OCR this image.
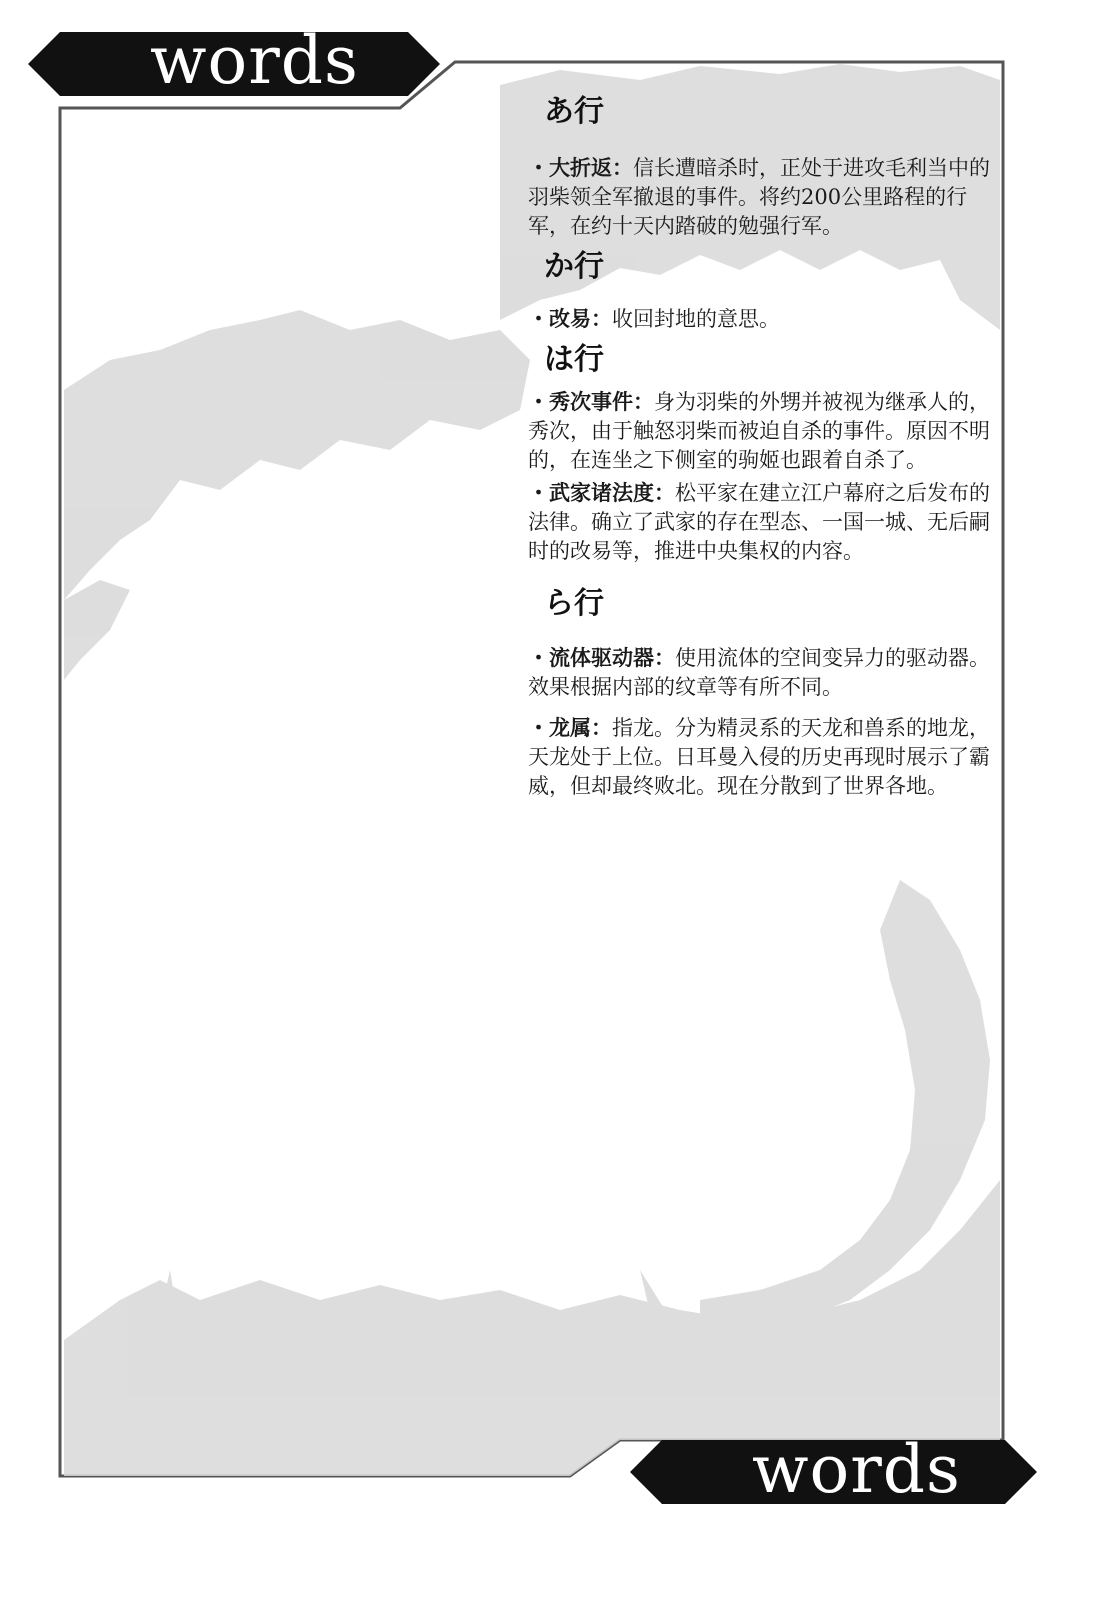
words
words
あ行

・大折返：信长遭暗杀时，正处于进攻毛利当中的羽柴领全军撤退的事件。将约200公里路程的行军，在约十天内踏破的勉强行军。

か行

・改易：收回封地的意思。

は行

・秀次事件：身为羽柴的外甥并被视为继承人的，秀次，由于触怒羽柴而被迫自杀的事件。原因不明的，在连坐之下侧室的驹姬也跟着自杀了。

・武家诸法度：松平家在建立江户幕府之后发布的法律。确立了武家的存在型态、一国一城、无后嗣时的改易等，推进中央集权的内容。

ら行

・流体驱动器：使用流体的空间变异力的驱动器。效果根据内部的纹章等有所不同。

・龙属：指龙。分为精灵系的天龙和兽系的地龙，天龙处于上位。日耳曼入侵的历史再现时展示了霸威，但却最终败北。现在分散到了世界各地。
